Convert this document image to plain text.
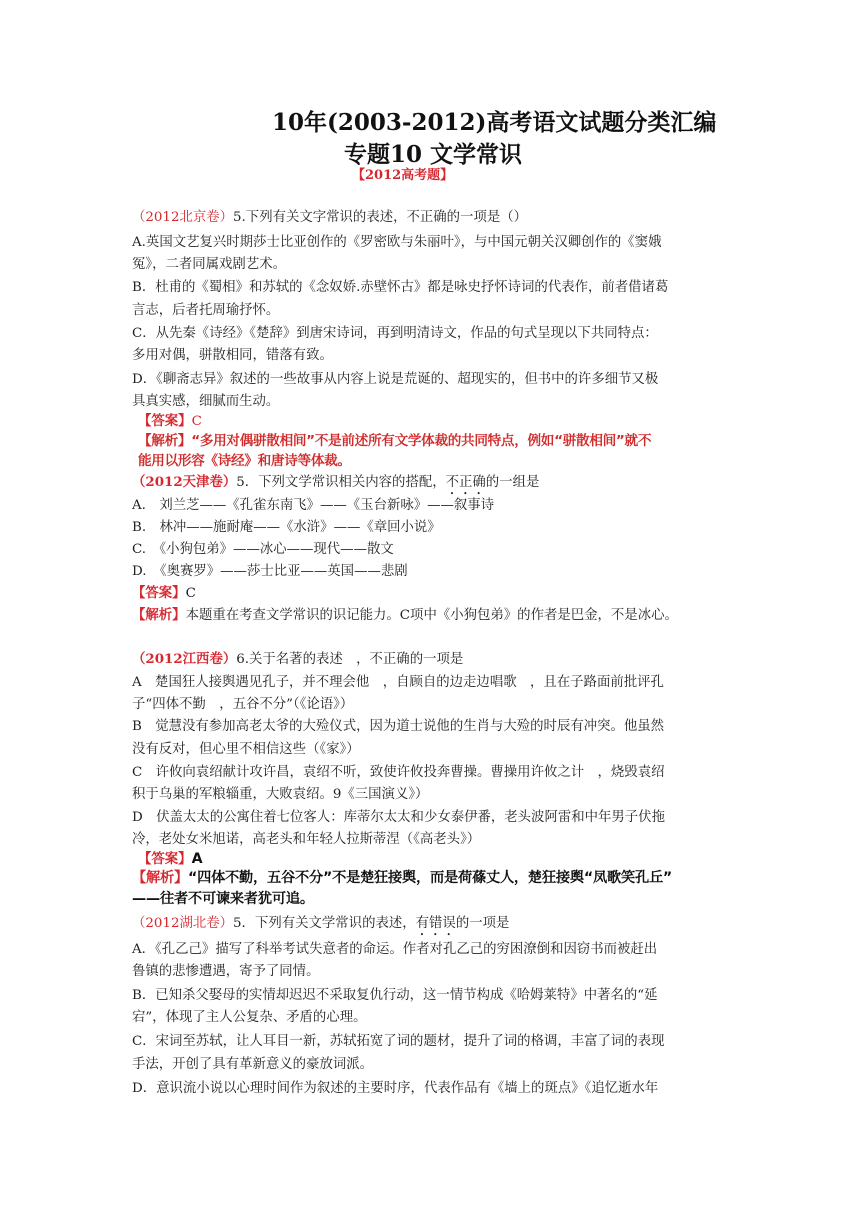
10年(2003-2012)高考语文试题分类汇编
专题10 文学常识
【2012高考题】
（2012北京卷）5.下列有关文字常识的表述，不正确的一项是（）
A.英国文艺复兴时期莎士比亚创作的《罗密欧与朱丽叶》，与中国元朝关汉卿创作的《窦娥
冤》，二者同属戏剧艺术。
B．杜甫的《蜀相》和苏轼的《念奴娇.赤壁怀古》都是咏史抒怀诗词的代表作，前者借诸葛
言志，后者托周瑜抒怀。
C．从先秦《诗经》《楚辞》到唐宋诗词，再到明清诗文，作品的句式呈现以下共同特点：
多用对偶，骈散相同，错落有致。
D．《聊斋志异》叙述的一些故事从内容上说是荒诞的、超现实的，但书中的许多细节又极
具真实感，细腻而生动。
【答案】C
【解析】“多用对偶骈散相间”不是前述所有文学体裁的共同特点，例如“骈散相间”就不
能用以形容《诗经》和唐诗等体裁。
（2012天津卷）5．下列文学常识相关内容的搭配，不正确的一组是
A.　刘兰芝——《孔雀东南飞》——《玉台新咏》——叙事诗
B.　林冲——施耐庵——《水浒》——《章回小说》
C.　《小狗包弟》——冰心——现代——散文
D.　《奥赛罗》——莎士比亚——英国——悲剧
【答案】C
【解析】本题重在考查文学常识的识记能力。C项中《小狗包弟》的作者是巴金，不是冰心。
（2012江西卷）6.关于名著的表述　，不正确的一项是
A　楚国狂人接舆遇见孔子，并不理会他　，自顾自的边走边唱歌　，且在子路面前批评孔
子“四体不勤　，五谷不分”（《论语》）
B　觉慧没有参加高老太爷的大殓仪式，因为道士说他的生肖与大殓的时辰有冲突。他虽然
没有反对，但心里不相信这些（《家》）
C　许攸向袁绍献计攻许昌，袁绍不听，致使许攸投奔曹操。曹操用许攸之计　，烧毁袁绍
积于乌巢的军粮辎重，大败袁绍。9《三国演义》）
D　伏盖太太的公寓住着七位客人：库蒂尔太太和少女泰伊番，老头波阿雷和中年男子伏拖
冷，老处女米旭诺，高老头和年轻人拉斯蒂涅（《高老头》）
【答案】A
【解析】“四体不勤，五谷不分”不是楚狂接舆，而是荷蓧丈人，楚狂接舆“凤歌笑孔丘”
——往者不可谏来者犹可追。
（2012湖北卷）5．下列有关文学常识的表述，有错误的一项是
A．《孔乙己》描写了科举考试失意者的命运。作者对孔乙己的穷困潦倒和因窃书而被赶出
鲁镇的悲惨遭遇，寄予了同情。
B．已知杀父娶母的实情却迟迟不采取复仇行动，这一情节构成《哈姆莱特》中著名的“延
宕”，体现了主人公复杂、矛盾的心理。
C．宋词至苏轼，让人耳目一新，苏轼拓宽了词的题材，提升了词的格调，丰富了词的表现
手法，开创了具有革新意义的豪放词派。
D．意识流小说以心理时间作为叙述的主要时序，代表作品有《墙上的斑点》《追忆逝水年
